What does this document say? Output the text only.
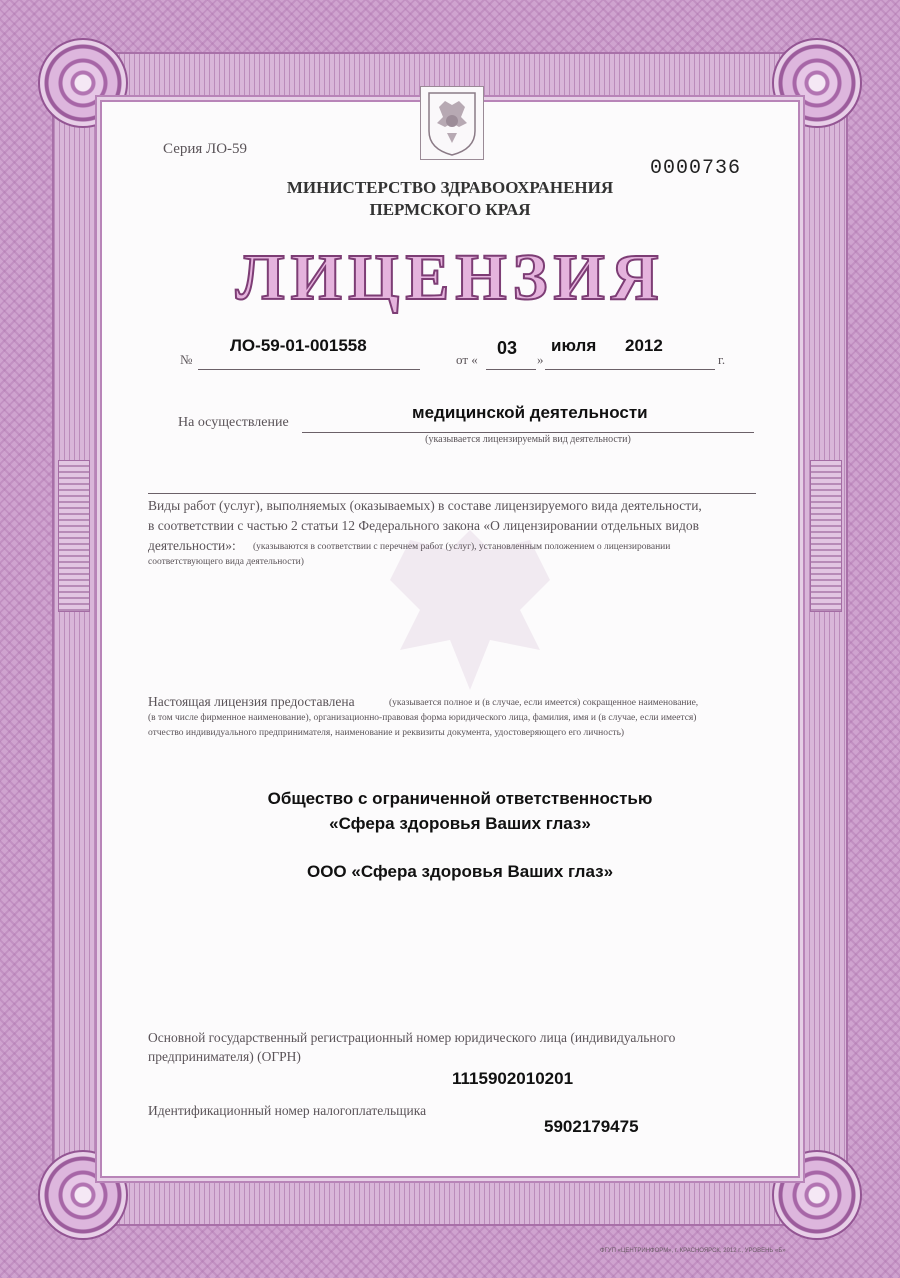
Серия ЛО-59
0000736
МИНИСТЕРСТВО ЗДРАВООХРАНЕНИЯ
ПЕРМСКОГО КРАЯ
ЛИЦЕНЗИЯ
№
ЛО-59-01-001558
от «
03
»
июля 2012
г.
На осуществление
медицинской деятельности
(указывается лицензируемый вид деятельности)
Виды работ (услуг), выполняемых (оказываемых) в составе лицензируемого вида деятельности,
в соответствии с частью 2 статьи 12 Федерального закона «О лицензировании отдельных видов
деятельности»: (указываются в соответствии с перечнем работ (услуг), установленным положением о лицензировании
соответствующего вида деятельности)
Настоящая лицензия предоставлена	(указывается полное и (в случае, если имеется) сокращенное наименование,
(в том числе фирменное наименование), организационно-правовая форма юридического лица, фамилия, имя и (в случае, если имеется)
отчество индивидуального предпринимателя, наименование и реквизиты документа, удостоверяющего его личность)
Общество с ограниченной ответственностью
«Сфера здоровья Ваших глаз»
ООО «Сфера здоровья Ваших глаз»
Основной государственный регистрационный номер юридического лица (индивидуального
предпринимателя) (ОГРН)
1115902010201
Идентификационный номер налогоплательщика
5902179475
ФГУП «ЦЕНТРИНФОРМ», г. КРАСНОЯРСК, 2012 г., УРОВЕНЬ «Б»
